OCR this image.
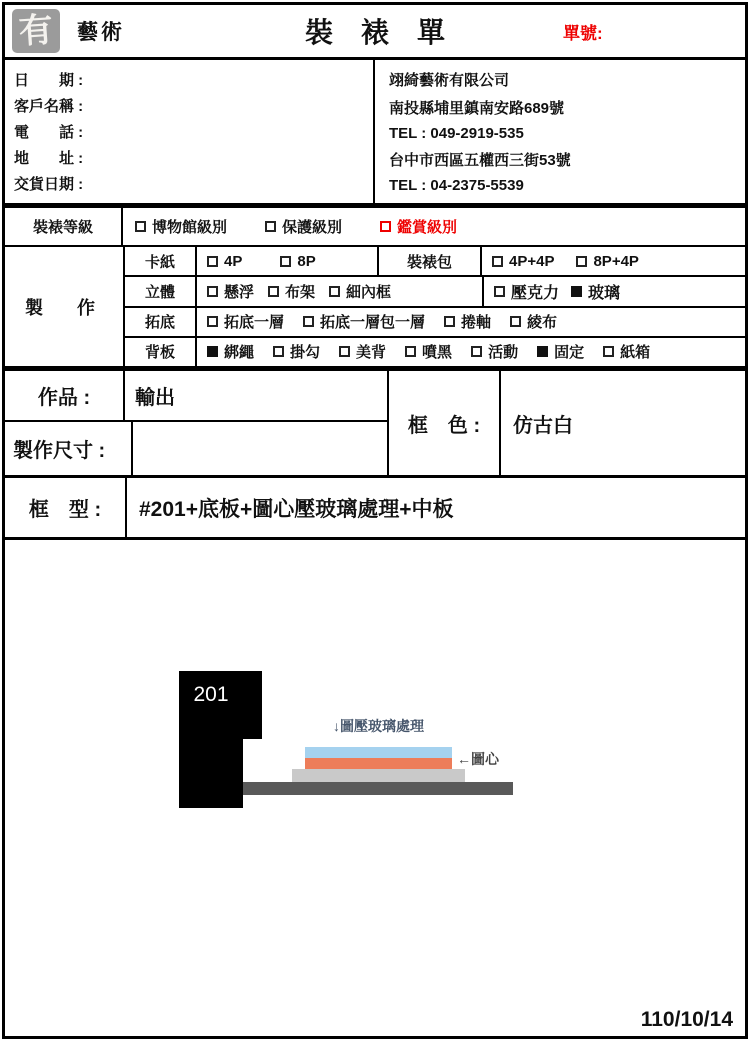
有 藝術	裝　裱　單	單號:
日　　期 :
客戶名稱 :
電　　話 :
地　　址 :
交貨日期 :
翊綺藝術有限公司
南投縣埔里鎮南安路689號
TEL : 049-2919-535
台中市西區五權西三街53號
TEL : 04-2375-5539
裝裱等級	博物館級別	保護級別	鑑賞級別
製　作
卡紙	4P	8P	裝裱包	4P+4P	8P+4P
立體	懸浮 布架 細內框	壓克力 玻璃
拓底	拓底一層 拓底一層包一層 捲軸 綾布
背板	綁繩 掛勾 美背 噴黑 活動 固定 紙箱
作品 :	輸出
製作尺寸 :
框　色 :	仿古白
框　型 :	#201+底板+圖心壓玻璃處理+中板
201
↓圖壓玻璃處理
←圖心
110/10/14
